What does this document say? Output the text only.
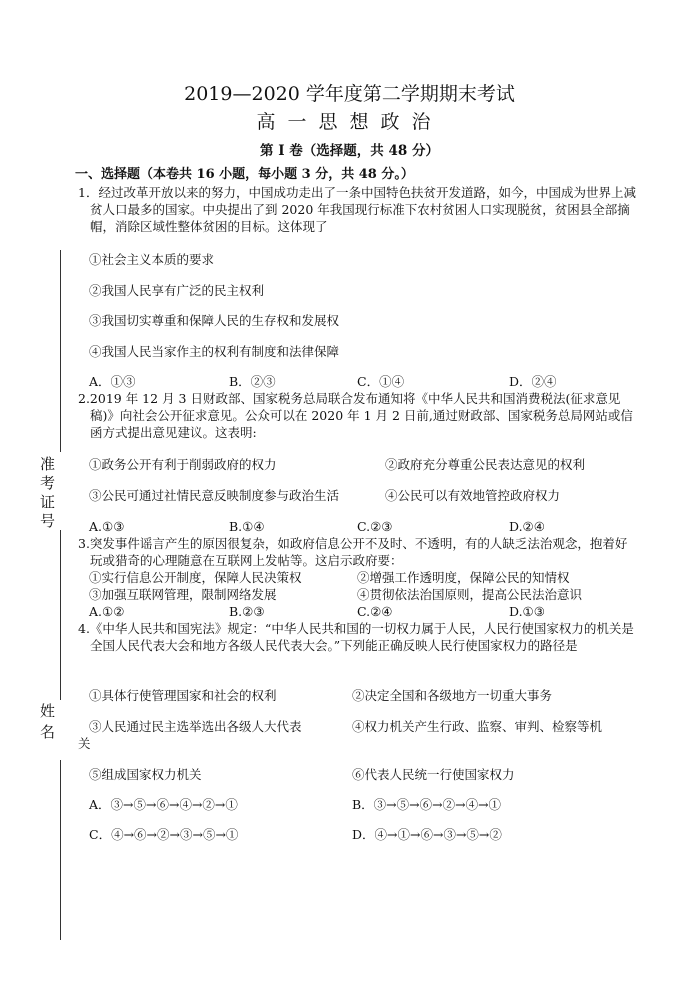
2019—2020 学年度第二学期期末考试
高一思想政治
第 I 卷（选择题，共 48 分）
准考证号
姓名
一、选择题（本卷共 16 小题，每小题 3 分，共 48 分。）
1．经过改革开放以来的努力，中国成功走出了一条中国特色扶贫开发道路，如今，中国成为世界上减贫人口最多的国家。中央提出了到 2020 年我国现行标准下农村贫困人口实现脱贫，贫困县全部摘帽，消除区域性整体贫困的目标。这体现了
①社会主义本质的要求
②我国人民享有广泛的民主权利
③我国切实尊重和保障人民的生存权和发展权
④我国人民当家作主的权利有制度和法律保障
A．①③	B．②③	C．①④	D．②④
2.2019 年 12 月 3 日财政部、国家税务总局联合发布通知将《中华人民共和国消费税法(征求意见稿)》向社会公开征求意见。公众可以在 2020 年 1 月 2 日前,通过财政部、国家税务总局网站或信函方式提出意见建议。这表明:
①政务公开有利于削弱政府的权力	②政府充分尊重公民表达意见的权利
③公民可通过社情民意反映制度参与政治生活	④公民可以有效地管控政府权力
A.①③	B.①④	C.②③	D.②④
3.突发事件谣言产生的原因很复杂，如政府信息公开不及时、不透明，有的人缺乏法治观念，抱着好玩或猎奇的心理随意在互联网上发帖等。这启示政府要：
①实行信息公开制度，保障人民决策权	②增强工作透明度，保障公民的知情权
③加强互联网管理，限制网络发展	④贯彻依法治国原则，提高公民法治意识
A.①②	B.②③	C.②④	D.①③
4.《中华人民共和国宪法》规定：“中华人民共和国的一切权力属于人民，人民行使国家权力的机关是全国人民代表大会和地方各级人民代表大会。”下列能正确反映人民行使国家权力的路径是
①具体行使管理国家和社会的权利	②决定全国和各级地方一切重大事务
③人民通过民主选举选出各级人大代表	④权力机关产生行政、监察、审判、检察等机
关
⑤组成国家权力机关	⑥代表人民统一行使国家权力
A．③→⑤→⑥→④→②→①	B．③→⑤→⑥→②→④→①
C．④→⑥→②→③→⑤→①	D．④→①→⑥→③→⑤→②
